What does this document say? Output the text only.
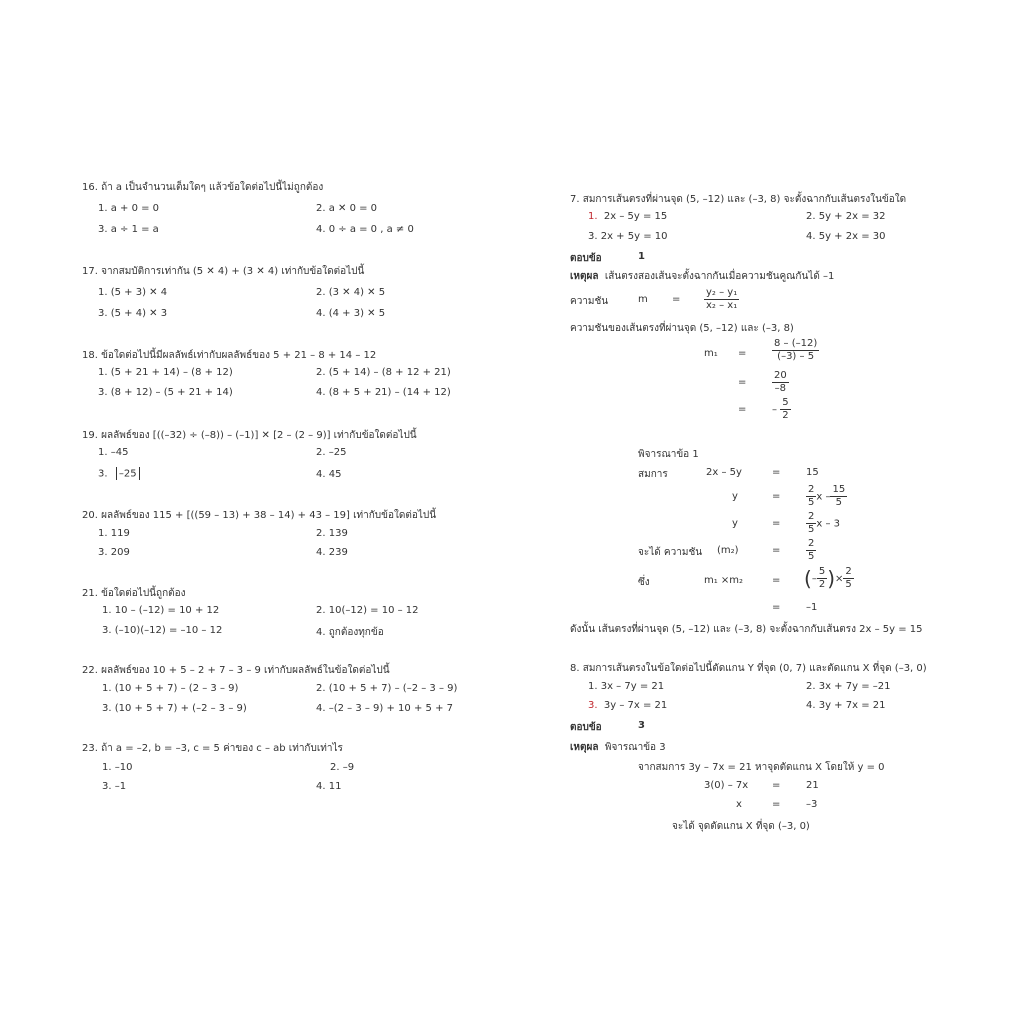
16. ถ้า a เป็นจำนวนเต็มใดๆ แล้วข้อใดต่อไปนี้ไม่ถูกต้อง
1. a + 0 = 0	2. a ✕ 0 = 0
3. a ÷ 1 = a	4. 0 ÷ a = 0 , a ≠ 0
17. จากสมบัติการเท่ากัน (5 ✕ 4) + (3 ✕ 4) เท่ากับข้อใดต่อไปนี้
1. (5 + 3) ✕ 4	2. (3 ✕ 4) ✕ 5
3. (5 + 4) ✕ 3	4. (4 + 3) ✕ 5
18. ข้อใดต่อไปนี้มีผลลัพธ์เท่ากับผลลัพธ์ของ 5 + 21 – 8 + 14 – 12
1. (5 + 21 + 14) – (8 + 12)	2. (5 + 14) – (8 + 12 + 21)
3. (8 + 12) – (5 + 21 + 14)	4. (8 + 5 + 21) – (14 + 12)
19. ผลลัพธ์ของ [((–32) ÷ (–8)) – (–1)] ✕ [2 – (2 – 9)] เท่ากับข้อใดต่อไปนี้
1. –45	2. –25
3. –25	4. 45
20. ผลลัพธ์ของ 115 + [((59 – 13) + 38 – 14) + 43 – 19] เท่ากับข้อใดต่อไปนี้
1. 119	2. 139
3. 209	4. 239
21. ข้อใดต่อไปนี้ถูกต้อง
1. 10 – (–12) = 10 + 12	2. 10(–12) = 10 – 12
3. (–10)(–12) = –10 – 12	4. ถูกต้องทุกข้อ
22. ผลลัพธ์ของ 10 + 5 – 2 + 7 – 3 – 9 เท่ากับผลลัพธ์ในข้อใดต่อไปนี้
1. (10 + 5 + 7) – (2 – 3 – 9)	2. (10 + 5 + 7) – (–2 – 3 – 9)
3. (10 + 5 + 7) + (–2 – 3 – 9)	4. –(2 – 3 – 9) + 10 + 5 + 7
23. ถ้า a = –2, b = –3, c = 5 ค่าของ c – ab เท่ากับเท่าไร
1. –10	2. –9
3. –1	4. 11
7. สมการเส้นตรงที่ผ่านจุด (5, –12) และ (–3, 8) จะตั้งฉากกับเส้นตรงในข้อใด
1. 2x – 5y = 15	2. 5y + 2x = 32
3. 2x + 5y = 10	4. 5y + 2x = 30
ตอบข้อ	1
เหตุผล เส้นตรงสองเส้นจะตั้งฉากกันเมื่อความชันคูณกันได้ –1
ความชัน	$m = \frac{\text{y₂ – y₁}}{\text{x₂ – x₁}}$
ความชันของเส้นตรงที่ผ่านจุด (5, –12) และ (–3, 8)
m₁ =	$\frac{8 - (-12)}{(-3) - 5}$
=	$\frac{20}{-8}$
=	– $\frac{5}{2}$
พิจารณาข้อ 1
สมการ	2x – 5y	=	15
y	=	$\frac{2}{5}$ x – $\frac{15}{5}$
y	=	$\frac{2}{5}$ x – 3
จะได้ ความชัน (m₂)	=	$\frac{2}{5}$
ซึ่ง	m₁ ×m₂	= (– $\frac{5}{2}$ )× $\frac{2}{5}$
=	–1
ดังนั้น เส้นตรงที่ผ่านจุด (5, –12) และ (–3, 8) จะตั้งฉากกับเส้นตรง 2x – 5y = 15
8. สมการเส้นตรงในข้อใดต่อไปนี้ตัดแกน Y ที่จุด (0, 7) และตัดแกน X ที่จุด (–3, 0)
1. 3x – 7y = 21	2. 3x + 7y = –21
3. 3y – 7x = 21	4. 3y + 7x = 21
ตอบข้อ	3
เหตุผล พิจารณาข้อ 3
จากสมการ 3y – 7x = 21 หาจุดตัดแกน X โดยให้ y = 0
3(0) – 7x =	21
x	=	–3
จะได้ จุดตัดแกน X ที่จุด (–3, 0)
